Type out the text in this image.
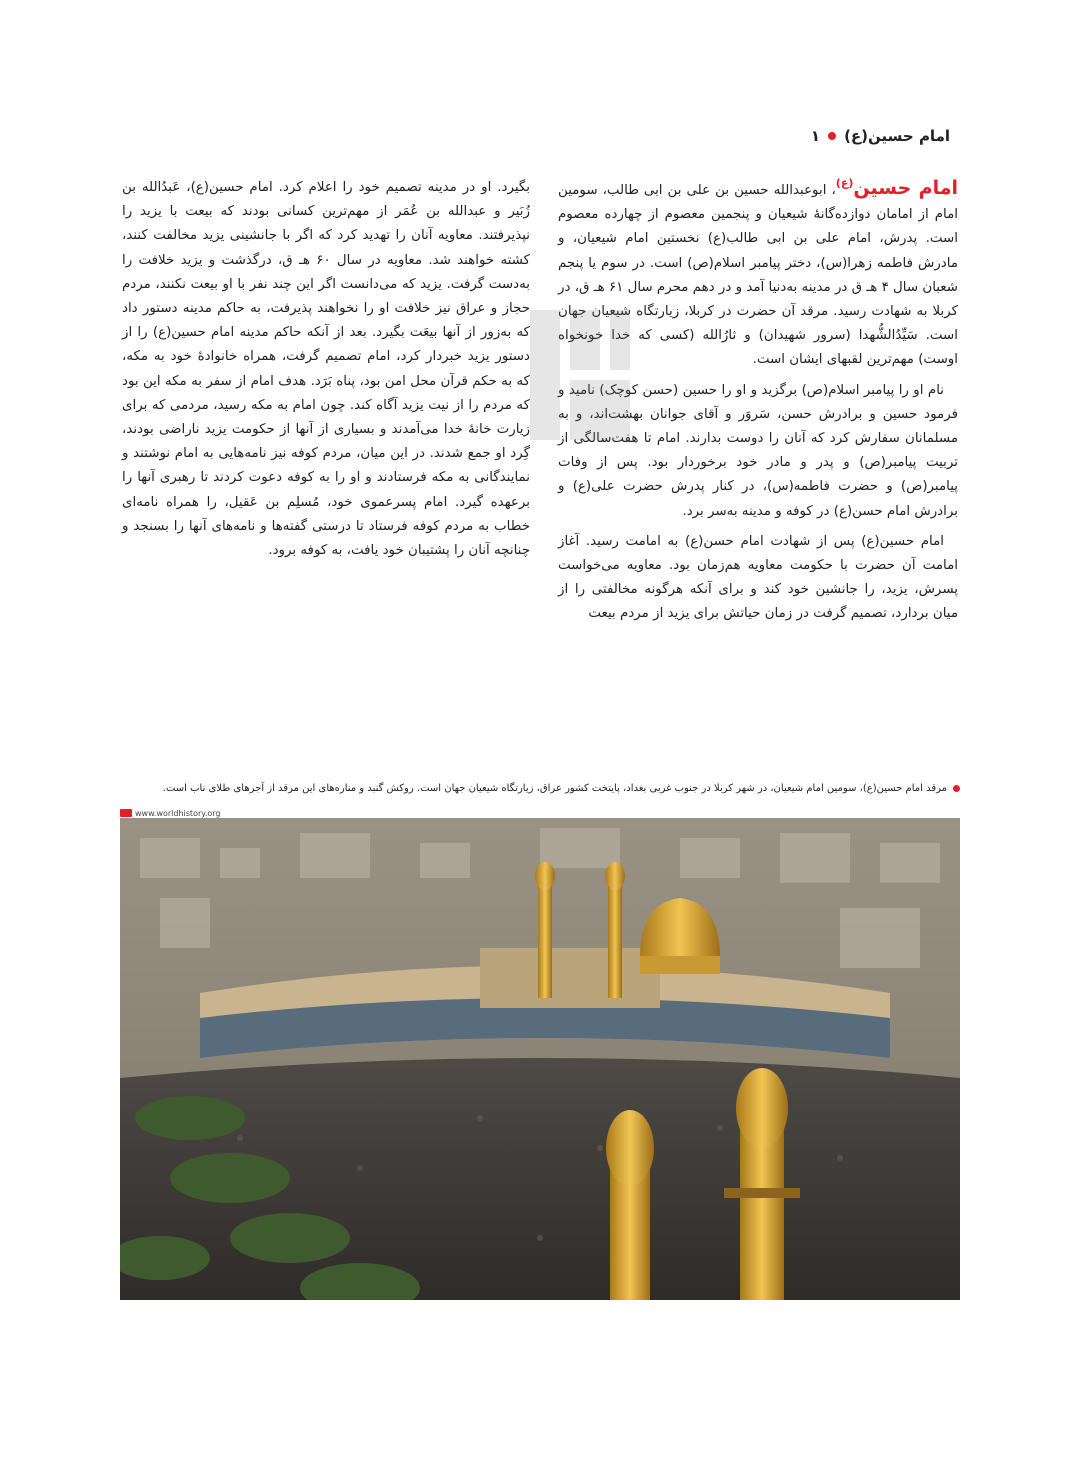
امام حسین(ع)
۱

امام حسین$^{(ع)}$، ابوعبدالله حسین بن علی بن ابی طالب، سومین امام از امامان دوازده‌گانهٔ شیعیان و پنجمین معصوم از چهارده معصوم است. پدرش، امام علی بن ابی طالب(ع) نخستین امام شیعیان، و مادرش فاطمه زهرا(س)، دختر پیامبر اسلام(ص) است. در سوم یا پنجم شعبان سال ۴ هـ ق در مدینه به‌دنیا آمد و در دهم محرم سال ۶۱ هـ ق، در کربلا به شهادت رسید. مرقد آن حضرت در کربلا، زیارتگاه شیعیان جهان است. سَیِّدُالشُّهدا (سرور شهیدان) و ثارُالله (کسی که خدا خونخواه اوست) مهم‌ترین لقبهای ایشان است.

نام او را پیامبر اسلام(ص) برگزید و او را حسین (حسن کوچک) نامید و فرمود حسین و برادرش حسن، سَروَر و آقای جوانان بهشت‌اند، و به مسلمانان سفارش کرد که آنان را دوست بدارند. امام تا هفت‌سالگی از تربیت پیامبر(ص) و پدر و مادر خود برخوردار بود. پس از وفات پیامبر(ص) و حضرت فاطمه(س)، در کنار پدرش حضرت علی(ع) و برادرش امام حسن(ع) در کوفه و مدینه به‌سر برد.

امام حسین(ع) پس از شهادت امام حسن(ع) به امامت رسید. آغاز امامت آن حضرت با حکومت معاویه هم‌زمان بود. معاویه می‌خواست پسرش، یزید، را جانشین خود کند و برای آنکه هرگونه مخالفتی را از میان بردارد، تصمیم گرفت در زمان حیاتش برای یزید از مردم بیعت

بگیرد. او در مدینه تصمیم خود را اعلام کرد. امام حسین(ع)، عَبدُالله بن زُبَیر و عبدالله بن عُمَر از مهم‌ترین کسانی بودند که بیعت با یزید را نپذیرفتند. معاویه آنان را تهدید کرد که اگر با جانشینی یزید مخالفت کنند، کشته خواهند شد. معاویه در سال ۶۰ هـ ق، درگذشت و یزید خلافت را به‌دست گرفت. یزید که می‌دانست اگر این چند نفر با او بیعت نکنند، مردم حجاز و عراق نیز خلافت او را نخواهند پذیرفت، به حاکم مدینه دستور داد که به‌زور از آنها بیعَت بگیرد. بعد از آنکه حاکم مدینه امام حسین(ع) را از دستور یزید خبردار کرد، امام تصمیم گرفت، همراه خانوادهٔ خود به مکه، که به حکم قرآن محل امن بود، پناه بَرَد. هدف امام از سفر به مکه این بود که مردم را از نیت یزید آگاه کند. چون امام به مکه رسید، مردمی که برای زیارت خانهٔ خدا می‌آمدند و بسیاری از آنها از حکومت یزید ناراضی بودند، گِرد او جمع شدند. در این میان، مردم کوفه نیز نامه‌هایی به امام نوشتند و نمایندگانی به مکه فرستادند و او را به کوفه دعوت کردند تا رهبری آنها را برعهده گیرد. امام پسرعموی خود، مُسلِم بن عَقیل، را همراه نامه‌ای خطاب به مردم کوفه فرستاد تا درستی گفته‌ها و نامه‌های آنها را بسنجد و چنانچه آنان را پشتیبان خود یافت، به کوفه برود.

مرقد امام حسین(ع)، سومین امام شیعیان، در شهر کربلا در جنوب غربی بغداد، پایتخت کشور عراق، زیارتگاه شیعیان جهان است. روکش گنبد و مناره‌های این مرقد از آجرهای طلای ناب است.
www.worldhistory.org
